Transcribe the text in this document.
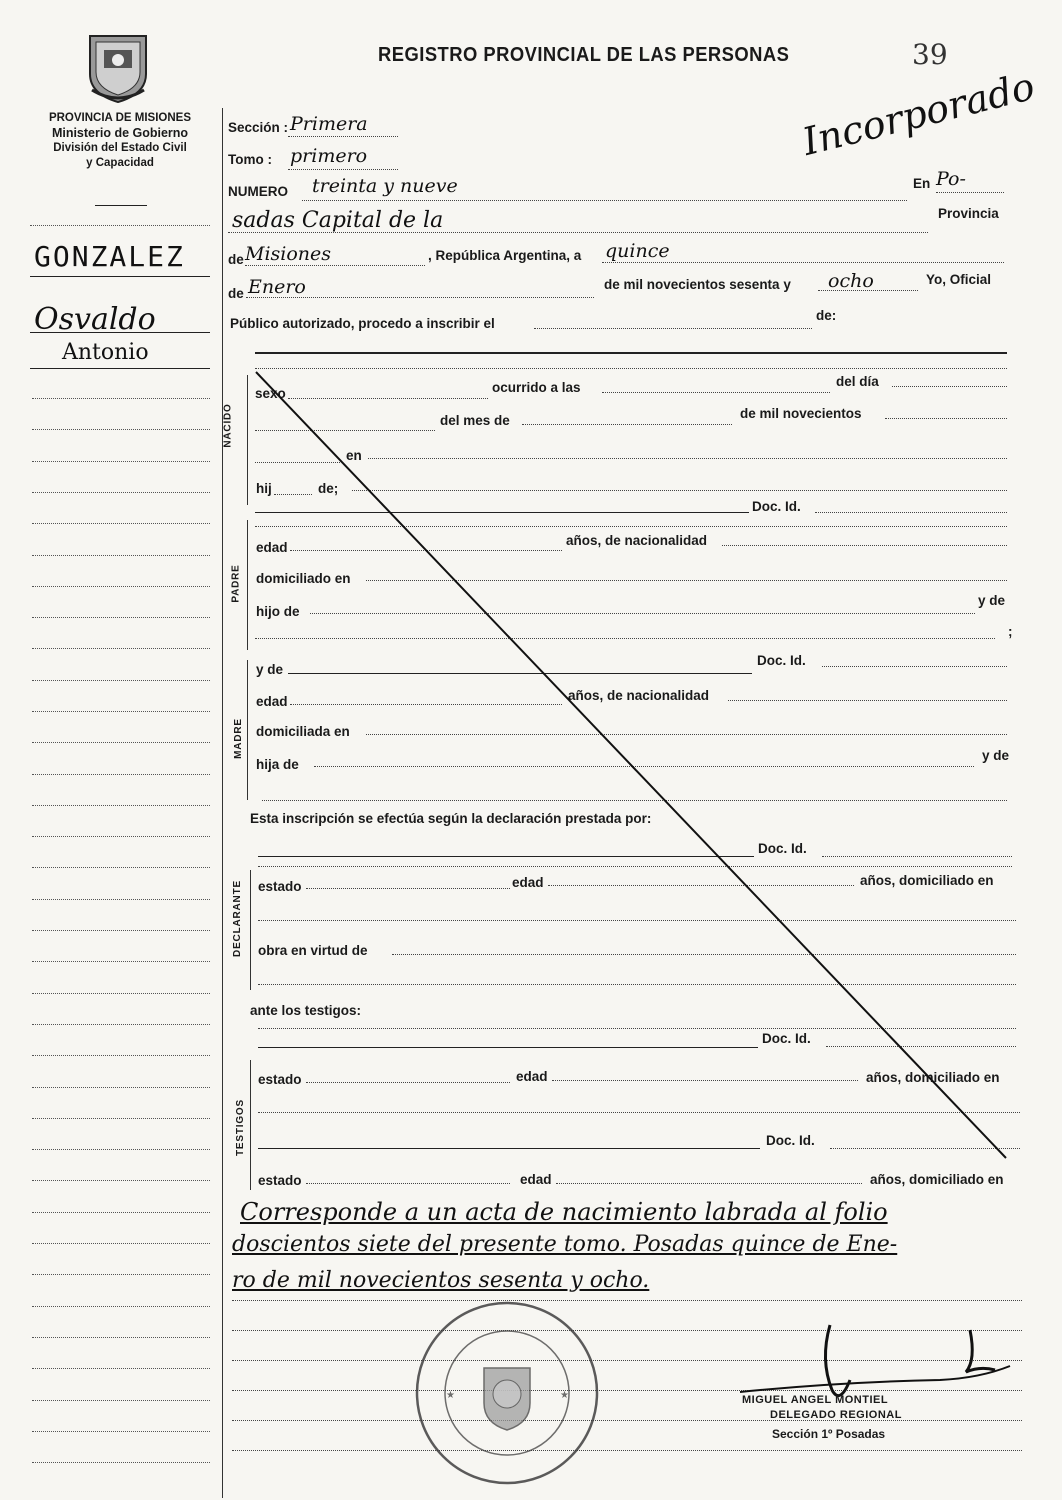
REGISTRO PROVINCIAL DE LAS PERSONAS	39
PROVINCIA DE MISIONES
Ministerio de Gobierno
División del Estado Civil
y Capacidad	Incorporado
GONZALEZ
Osvaldo
Antonio
Sección : Primera
Tomo : primero
NUMERO treinta y nueve	En Po-
sadas Capital de la	Provincia
de Misiones	, República Argentina, a quince
de Enero	de mil novecientos sesenta y ocho	Yo, Oficial
Público autorizado, procedo a inscribir el
de:
NACIDO
sexo	ocurrido a las	del día
del mes de	de mil novecientos
en
hij	de;
Doc. Id.
PADRE
edad	años, de nacionalidad
domiciliado en
hijo de
y de
;
MADRE
y de
Doc. Id.
edad	años, de nacionalidad
domiciliada en
hija de
y de
Esta inscripción se efectúa según la declaración prestada por:
Doc. Id.
DECLARANTE estado	edad	años, domiciliado en
obra en virtud de
ante los testigos:
Doc. Id.
TESTIGOS
estado	edad	años, domiciliado en
Doc. Id.
estado	edad	años, domiciliado en
Corresponde a un acta de nacimiento labrada al folio
doscientos siete del presente tomo. Posadas quince de Ene-
ro de mil novecientos sesenta y ocho.
★	★	MIGUEL ANGEL MONTIEL
DELEGADO REGIONAL
Sección 1º Posadas
